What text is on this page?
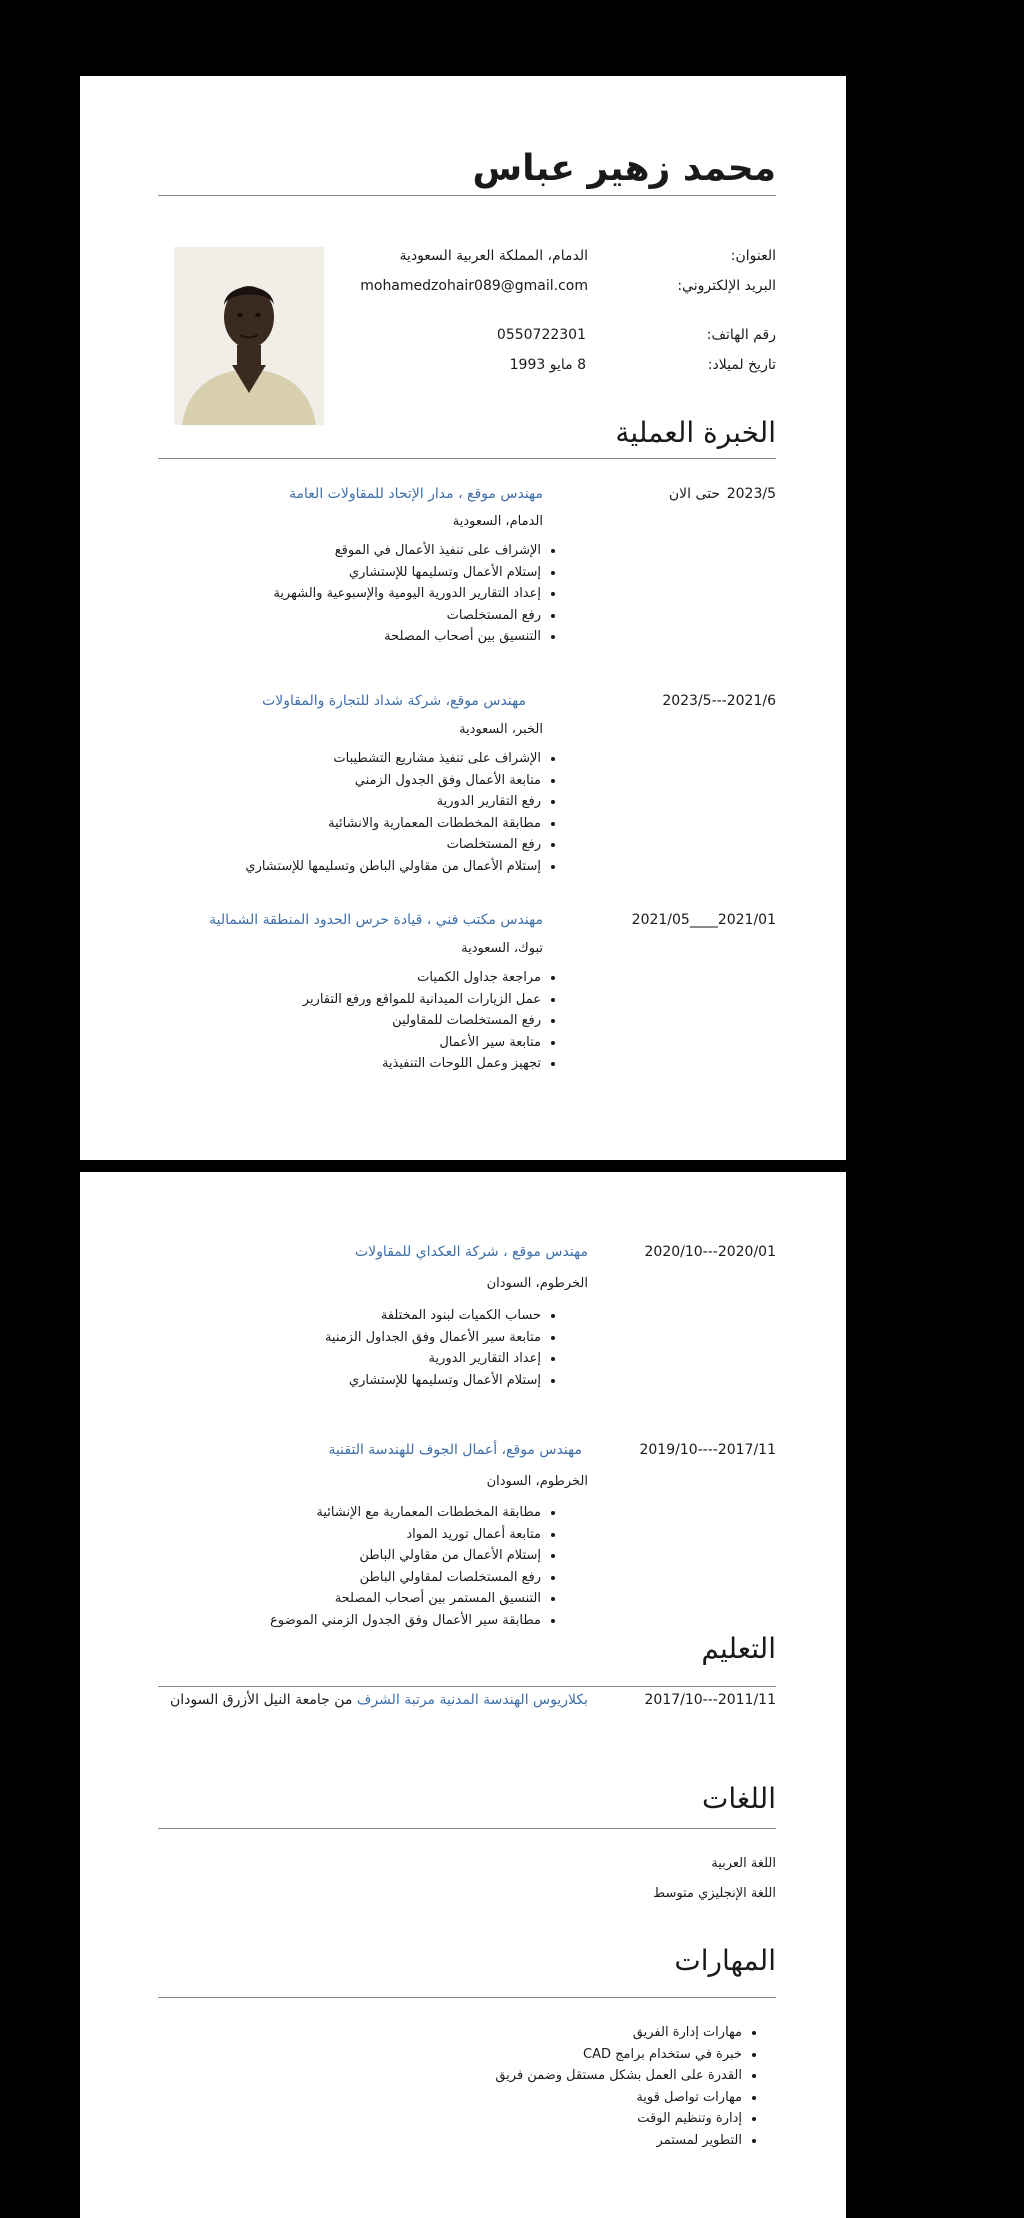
محمد زهير عباس
العنوان:
الدمام، المملكة العربية السعودية
البريد الإلكتروني:
mohamedzohair089@gmail.com
رقم الهاتف:
0550722301
تاريخ لميلاد:
8 مايو 1993
الخبرة العملية
2023/5
حتى الان
مهندس موقع ، مدار الإتحاد للمقاولات العامة
الدمام، السعودية
• الإشراف على تنفيذ الأعمال في الموقع
• إستلام الأعمال وتسليمها للإستشاري
• إعداد التقارير الدورية اليومية والإسبوعية والشهرية
• رفع المستخلصات
• التنسيق بين أصحاب المصلحة
2023/5---2021/6
مهندس موقع، شركة شداد للتجارة والمقاولات
الخبر، السعودية
• الإشراف على تنفيذ مشاريع التشطيبات
• متابعة الأعمال وفق الجدول الزمني
• رفع التقارير الدورية
• مطابقة المخططات المعمارية والانشائية
• رفع المستخلصات
• إستلام الأعمال من مقاولي الباطن وتسليمها للإستشاري
2021/05____2021/01
مهندس مكتب فني ، قيادة حرس الحدود المنطقة الشمالية
تبوك، السعودية
• مراجعة جداول الكميات
• عمل الزيارات الميدانية للمواقع ورفع التقارير
• رفع المستخلصات للمقاولين
• متابعة سير الأعمال
• تجهيز وعمل اللوحات التنفيذية
2020/10---2020/01
مهندس موقع ، شركة العكداي للمقاولات
الخرطوم، السودان
• حساب الكميات لبنود المختلفة
• متابعة سير الأعمال وفق الجداول الزمنية
• إعداد التقارير الدورية
• إستلام الأعمال وتسليمها للإستشاري
2019/10----2017/11
مهندس موقع، أعمال الجوف للهندسة التقنية
الخرطوم، السودان
• مطابقة المخططات المعمارية مع الإنشائية
• متابعة أعمال توريد المواد
• إستلام الأعمال من مقاولي الباطن
• رفع المستخلصات لمقاولي الباطن
• التنسيق المستمر بين أصحاب المصلحة
• مطابقة سير الأعمال وفق الجدول الزمني الموضوع
التعليم
2017/10---2011/11
بكلاريوس الهندسة المدنية مرتبة الشرف من جامعة النيل الأزرق السودان
اللغات
اللغة العربية
اللغة الإنجليزي متوسط
المهارات
• مهارات إدارة الفريق
• خبرة في ستخدام برامج CAD
• القدرة على العمل بشكل مستقل وضمن فريق
• مهارات تواصل قوية
• إدارة وتنظيم الوقت
• التطوير لمستمر
